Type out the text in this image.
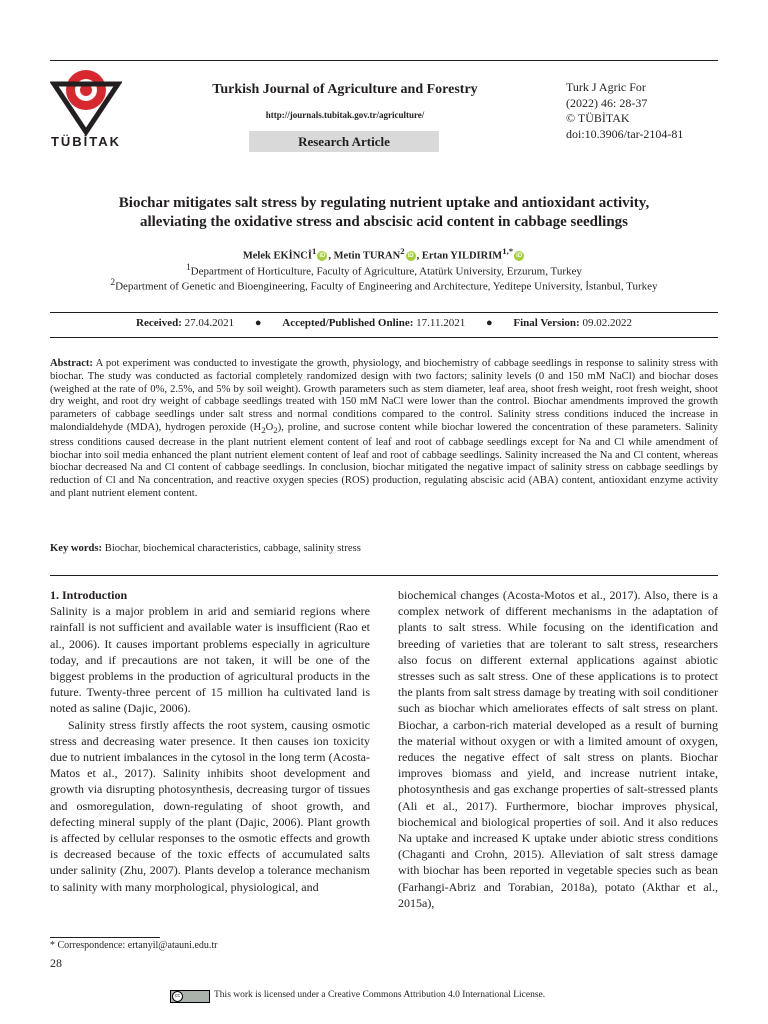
TÜBİTAK
Turkish Journal of Agriculture and Forestry
http://journals.tubitak.gov.tr/agriculture/
Research Article
Turk J Agric For
(2022) 46: 28-37
© TÜBİTAK
doi:10.3906/tar-2104-81
Biochar mitigates salt stress by regulating nutrient uptake and antioxidant activity,
alleviating the oxidative stress and abscisic acid content in cabbage seedlings
Melek EKİNCİ$^1$iD , Metin TURAN$^2$iD , Ertan $YILDIRIM^{1,*}iD$
$^1$Department of Horticulture, Faculty of Agriculture, Atatürk University, Erzurum, Turkey
$^2$Department of Genetic and Bioengineering, Faculty of Engineering and Architecture, Yeditepe University, İstanbul, Turkey
Received: 27.04.2021 ● Accepted/Published Online: 17.11.2021 ● Final Version: 09.02.2022
Abstract: A pot experiment was conducted to investigate the growth, physiology, and biochemistry of cabbage seedlings in response to salinity stress with biochar. The study was conducted as factorial completely randomized design with two factors; salinity levels (0 and 150 mM NaCl) and biochar doses (weighed at the rate of 0%, 2.5%, and 5% by soil weight). Growth parameters such as stem diameter, leaf area, shoot fresh weight, root fresh weight, shoot dry weight, and root dry weight of cabbage seedlings treated with 150 mM NaCl were lower than the control. Biochar amendments improved the growth parameters of cabbage seedlings under salt stress and normal conditions compared to the control. Salinity stress conditions induced the increase in malondialdehyde (MDA), hydrogen peroxide $(H_2O_2)$, proline, and sucrose content while biochar lowered the concentration of these parameters. Salinity stress conditions caused decrease in the plant nutrient element content of leaf and root of cabbage seedlings except for Na and Cl while amendment of biochar into soil media enhanced the plant nutrient element content of leaf and root of cabbage seedlings. Salinity increased the Na and Cl content, whereas biochar decreased Na and Cl content of cabbage seedlings. In conclusion, biochar mitigated the negative impact of salinity stress on cabbage seedlings by reduction of Cl and Na concentration, and reactive oxygen species (ROS) production, regulating abscisic acid (ABA) content, antioxidant enzyme activity and plant nutrient element content.
Key words: Biochar, biochemical characteristics, cabbage, salinity stress

1. Introduction

Salinity is a major problem in arid and semiarid regions where rainfall is not sufficient and available water is insufficient (Rao et al., 2006). It causes important problems especially in agriculture today, and if precautions are not taken, it will be one of the biggest problems in the production of agricultural products in the future. Twenty-three percent of 15 million ha cultivated land is noted as saline (Dajic, 2006).

Salinity stress firstly affects the root system, causing osmotic stress and decreasing water presence. It then causes ion toxicity due to nutrient imbalances in the cytosol in the long term (Acosta-Matos et al., 2017). Salinity inhibits shoot development and growth via disrupting photosynthesis, decreasing turgor of tissues and osmoregulation, down-regulating of shoot growth, and defecting mineral supply of the plant (Dajic, 2006). Plant growth is affected by cellular responses to the osmotic effects and growth is decreased because of the toxic effects of accumulated salts under salinity (Zhu, 2007). Plants develop a tolerance mechanism to salinity with many morphological, physiological, and

biochemical changes (Acosta-Motos et al., 2017). Also, there is a complex network of different mechanisms in the adaptation of plants to salt stress. While focusing on the identification and breeding of varieties that are tolerant to salt stress, researchers also focus on different external applications against abiotic stresses such as salt stress. One of these applications is to protect the plants from salt stress damage by treating with soil conditioner such as biochar which ameliorates effects of salt stress on plant. Biochar, a carbon-rich material developed as a result of burning the material without oxygen or with a limited amount of oxygen, reduces the negative effect of salt stress on plants. Biochar improves biomass and yield, and increase nutrient intake, photosynthesis and gas exchange properties of salt-stressed plants (Ali et al., 2017). Furthermore, biochar improves physical, biochemical and biological properties of soil. And it also reduces Na uptake and increased K uptake under abiotic stress conditions (Chaganti and Crohn, 2015). Alleviation of salt stress damage with biochar has been reported in vegetable species such as bean (Farhangi-Abriz and Torabian, 2018a), potato (Akthar et al., 2015a),

* Correspondence: ertanyil@atauni.edu.tr
28
cc	This work is licensed under a Creative Commons Attribution 4.0 International License.
